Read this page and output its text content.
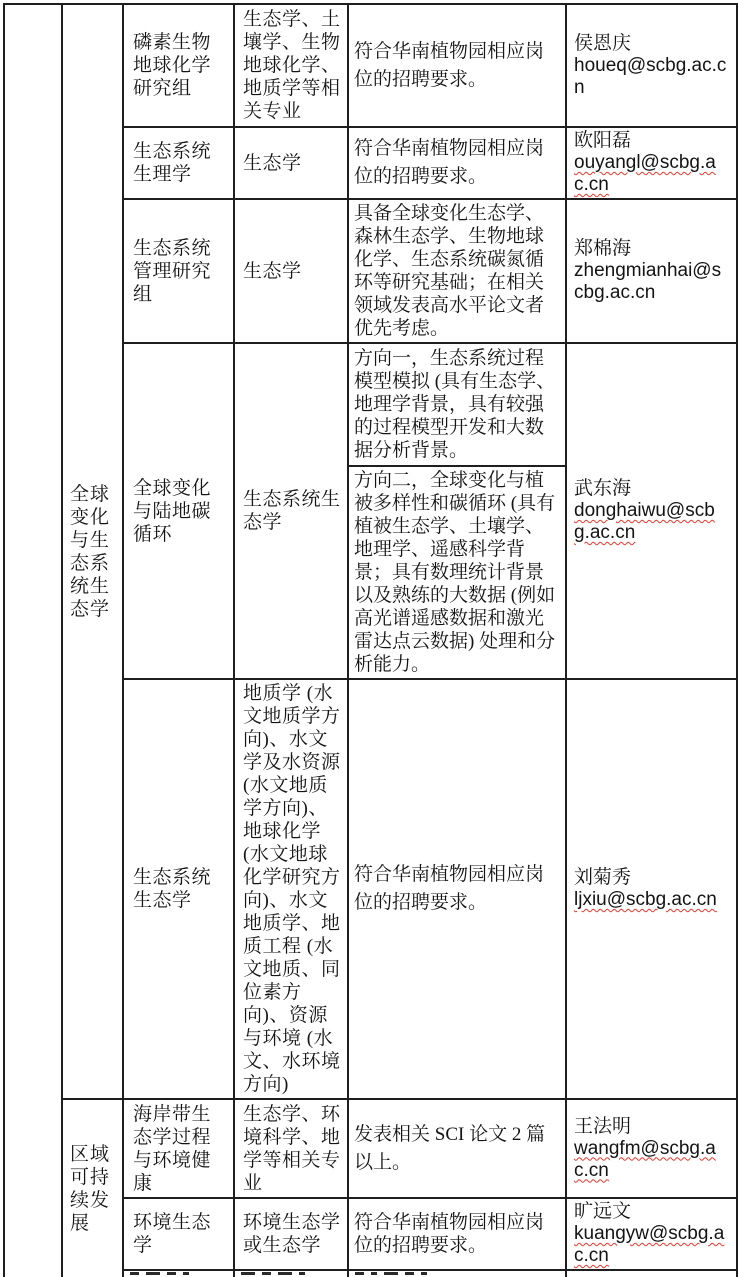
	全球变化与生态系统生态学	磷素生物地球化学研究组	生态学、土壤学、生物地球化学、地质学等相关专业	符合华南植物园相应岗位的招聘要求。	侯恩庆
houeq@scbg.ac.cn

		生态系统生理学	生态学	符合华南植物园相应岗位的招聘要求。	欧阳磊
ouyangl@scbg.ac.cn

		生态系统管理研究组	生态学	具备全球变化生态学、森林生态学、生物地球化学、生态系统碳氮循环等研究基础；在相关领域发表高水平论文者优先考虑。	郑棉海
zhengmianhai@scbg.ac.cn

		全球变化与陆地碳循环	生态系统生态学	方向一，生态系统过程模型模拟 (具有生态学、地理学背景，具有较强的过程模型开发和大数据分析背景。	武东海
donghaiwu@scbg.ac.cn

				方向二，全球变化与植被多样性和碳循环 (具有植被生态学、土壤学、地理学、遥感科学背景；具有数理统计背景以及熟练的大数据 (例如高光谱遥感数据和激光雷达点云数据) 处理和分析能力。	
		生态系统生态学	地质学 (水文地质学方向)、水文学及水资源 (水文地质学方向)、地球化学 (水文地球化学研究方向)、水文地质学、地质工程 (水文地质、同位素方向)、资源与环境 (水文、水环境方向)	符合华南植物园相应岗位的招聘要求。	刘菊秀
ljxiu@scbg.ac.cn

	区域可持续发展	海岸带生态学过程与环境健康	生态学、环境科学、地学等相关专业	发表相关 SCI 论文 2 篇以上。	王法明
wangfm@scbg.ac.cn

		环境生态学	环境生态学或生态学	符合华南植物园相应岗位的招聘要求。	旷远文
kuangyw@scbg.ac.cn
